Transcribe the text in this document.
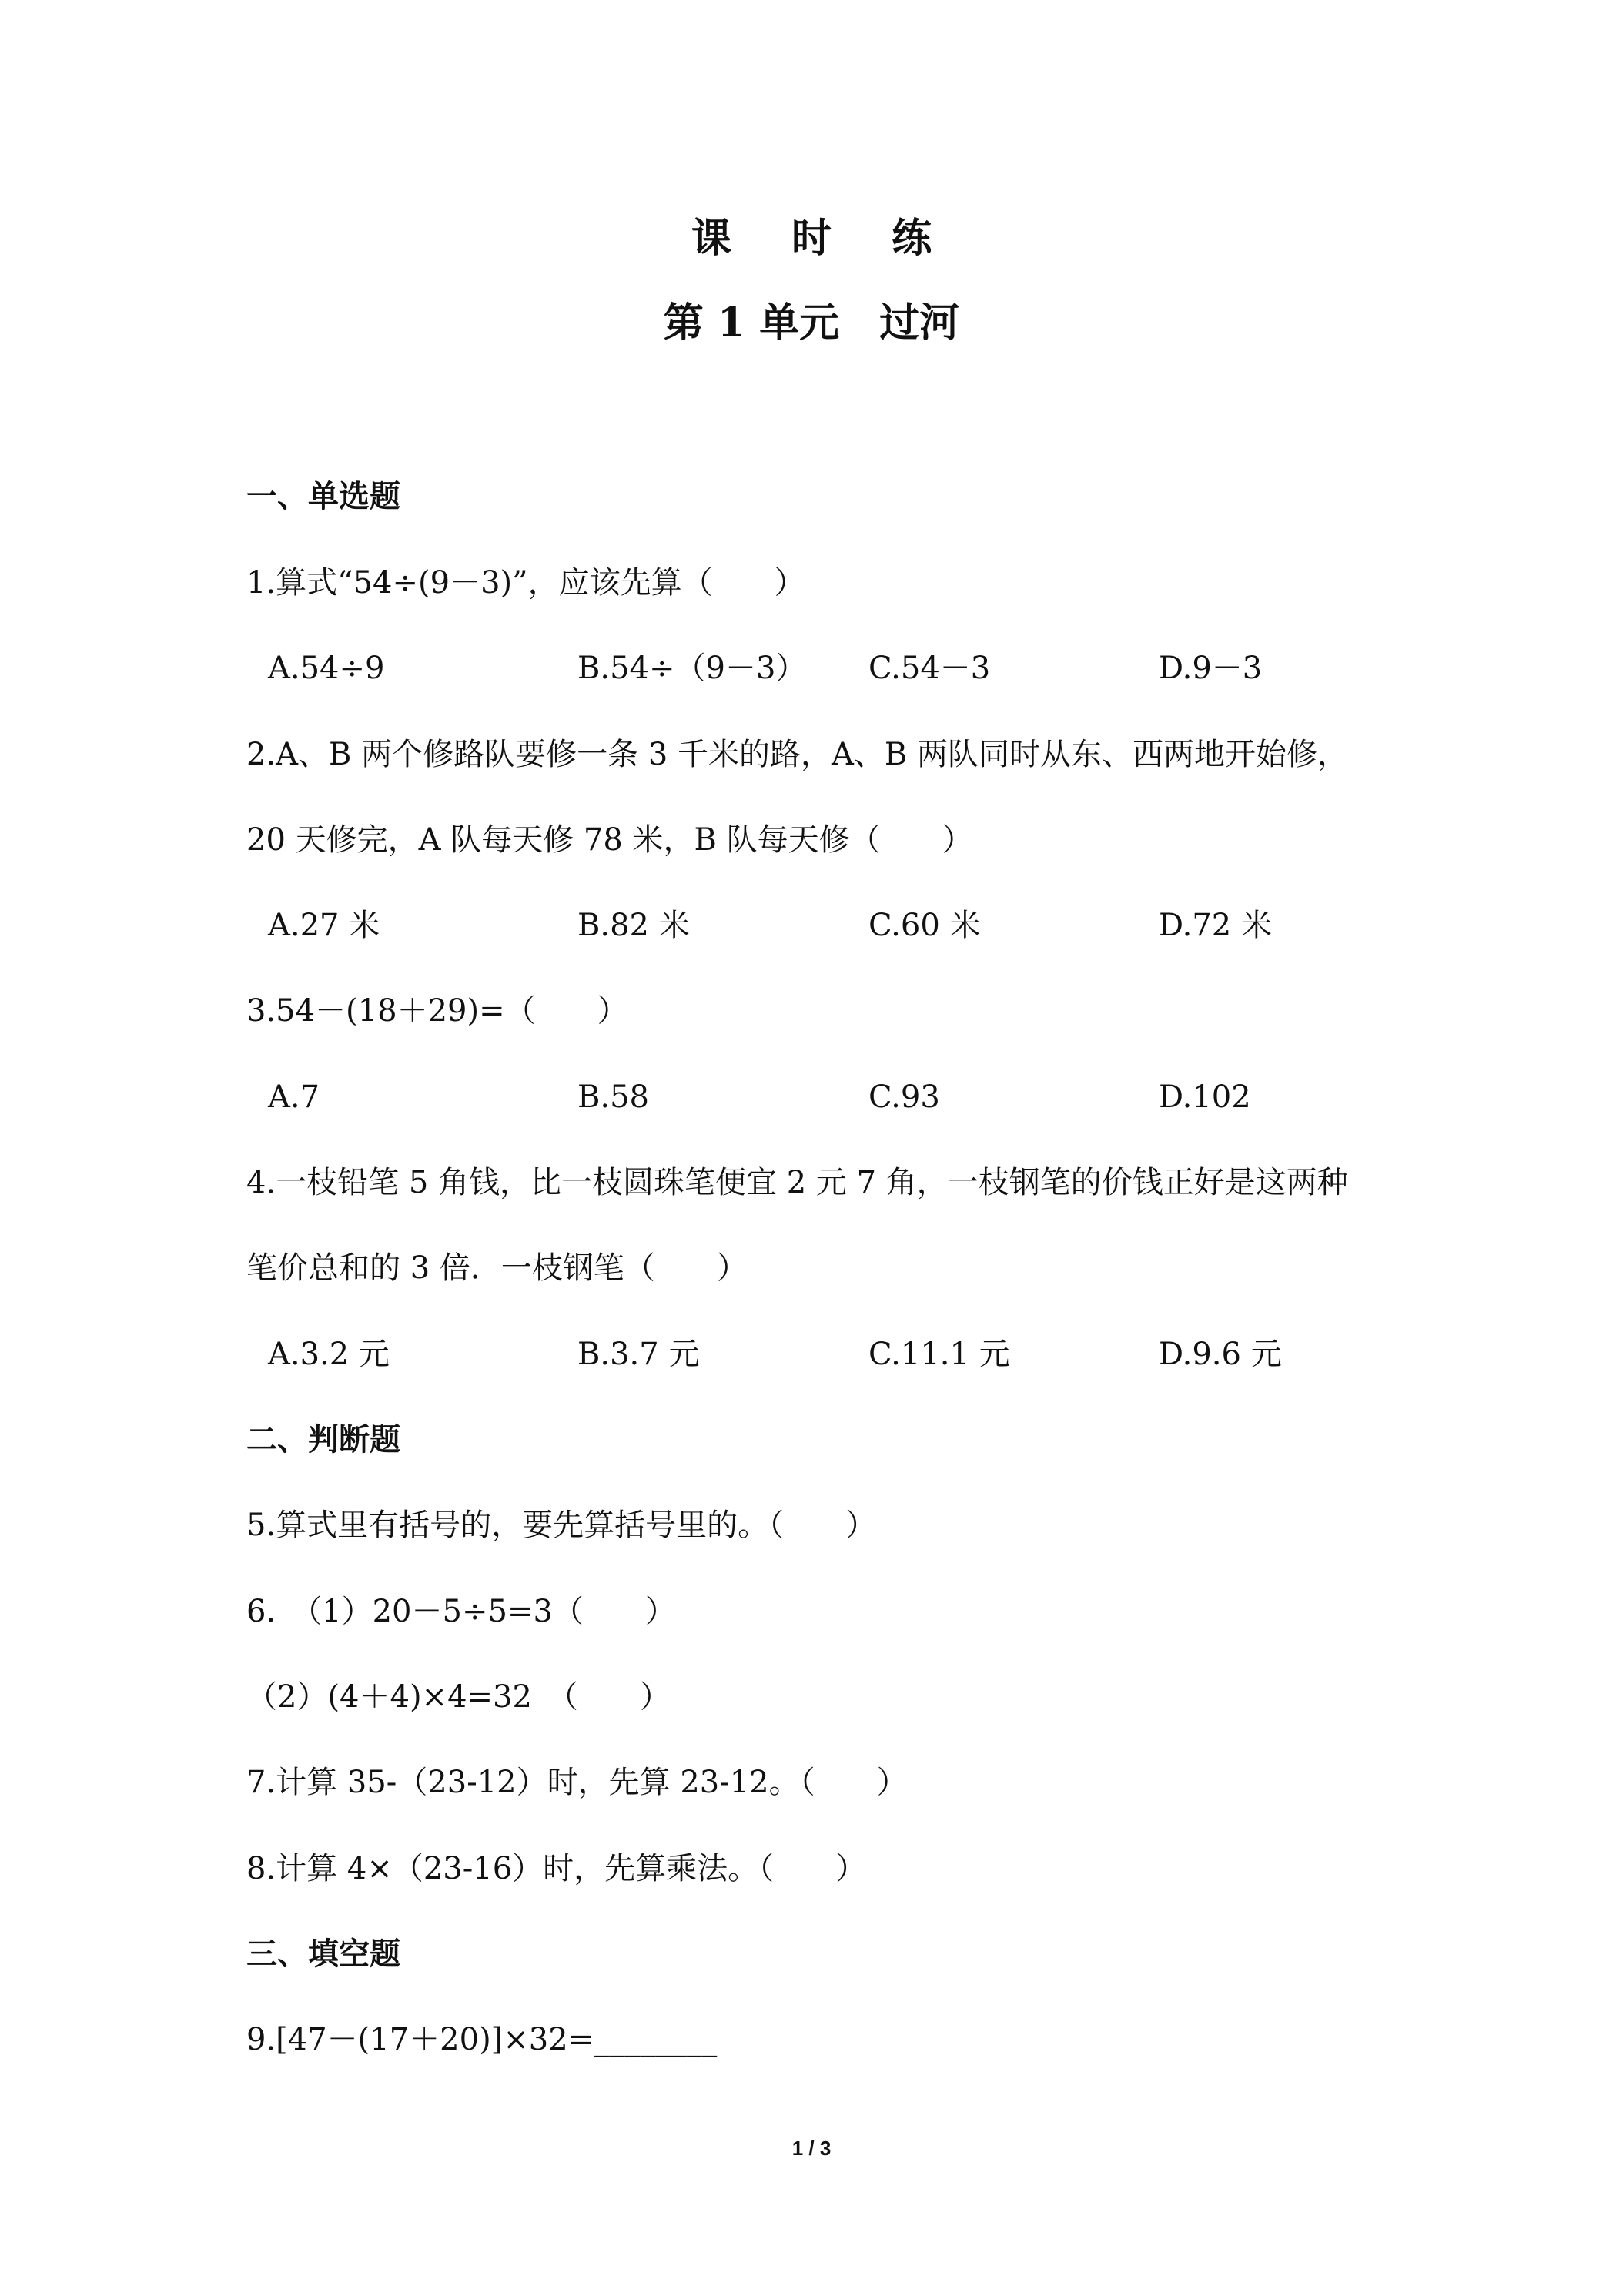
课 时 练
第 1 单元　过河
一、单选题
1.算式“54÷(9－3)”，应该先算（　　）
A.54÷9	B.54÷（9－3） C.54－3	D.9－3
2.A、B 两个修路队要修一条 3 千米的路，A、B 两队同时从东、西两地开始修，
20 天修完，A 队每天修 78 米，B 队每天修（　　）
A.27 米	B.82 米	C.60 米	D.72 米
3.54－(18＋29)=（　　）
A.7	B.58	C.93	D.102
4.一枝铅笔 5 角钱，比一枝圆珠笔便宜 2 元 7 角，一枝钢笔的价钱正好是这两种
笔价总和的 3 倍．一枝钢笔（　　）
A.3.2 元	B.3.7 元	C.11.1 元	D.9.6 元
二、判断题
5.算式里有括号的，要先算括号里的。（　　）
6.　（1）20－5÷5=3（　　）
（2）(4＋4)×4=32　（　　）
7.计算 35-（23-12）时，先算 23-12。（　　）
8.计算 4×（23-16）时，先算乘法。（　　）
三、填空题
9.[47－(17＋20)]×32=________
1 / 3
